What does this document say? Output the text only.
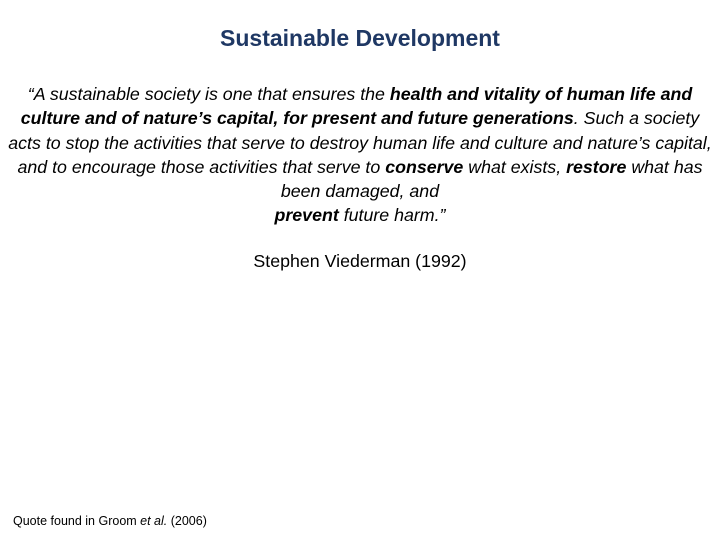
Sustainable Development
“A sustainable society is one that ensures the health and vitality of human life and culture and of nature’s capital, for present and future generations. Such a society acts to stop the activities that serve to destroy human life and culture and nature’s capital, and to encourage those activities that serve to conserve what exists, restore what has been damaged, and
prevent future harm.”
Stephen Viederman (1992)
Quote found in Groom et al. (2006)
